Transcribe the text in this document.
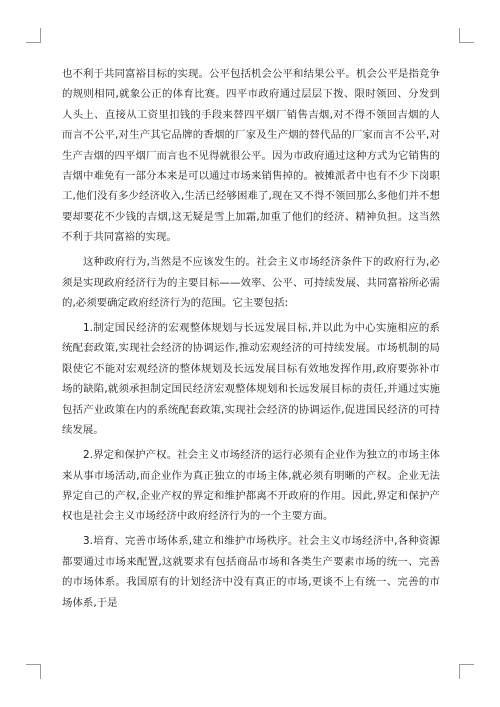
也不利于共同富裕目标的实现。公平包括机会公平和结果公平。机会公平是指竞争的规则相同,就象公正的体育比赛。四平市政府通过层层下拨、限时领回、分发到人头上、直接从工资里扣钱的手段来替四平烟厂销售吉烟,对不得不领回吉烟的人而言不公平,对生产其它品牌的香烟的厂家及生产烟的替代品的厂家而言不公平,对生产吉烟的四平烟厂而言也不见得就很公平。因为市政府通过这种方式为它销售的吉烟中难免有一部分本来是可以通过市场来销售掉的。被摊派者中也有不少下岗职工,他们没有多少经济收入,生活已经够困难了,现在又不得不领回那么多他们并不想要却要花不少钱的吉烟,这无疑是雪上加霜,加重了他们的经济、精神负担。这当然不利于共同富裕的实现。

这种政府行为,当然是不应该发生的。社会主义市场经济条件下的政府行为,必须是实现政府经济行为的主要目标——效率、公平、可持续发展、共同富裕所必需的,必须要确定政府经济行为的范围。它主要包括:

1.制定国民经济的宏观整体规划与长远发展目标,并以此为中心实施相应的系统配套政策,实现社会经济的协调运作,推动宏观经济的可持续发展。市场机制的局限使它不能对宏观经济的整体规划及长远发展目标有效地发挥作用,政府要弥补市场的缺陷,就须承担制定国民经济宏观整体规划和长远发展目标的责任,并通过实施包括产业政策在内的系统配套政策,实现社会经济的协调运作,促进国民经济的可持续发展。

2.界定和保护产权。社会主义市场经济的运行必须有企业作为独立的市场主体来从事市场活动,而企业作为真正独立的市场主体,就必须有明晰的产权。企业无法界定自己的产权,企业产权的界定和维护都离不开政府的作用。因此,界定和保护产权也是社会主义市场经济中政府经济行为的一个主要方面。

3.培育、完善市场体系,建立和维护市场秩序。社会主义市场经济中,各种资源都要通过市场来配置,这就要求有包括商品市场和各类生产要素市场的统一、完善的市场体系。我国原有的计划经济中没有真正的市场,更谈不上有统一、完善的市场体系,于是
